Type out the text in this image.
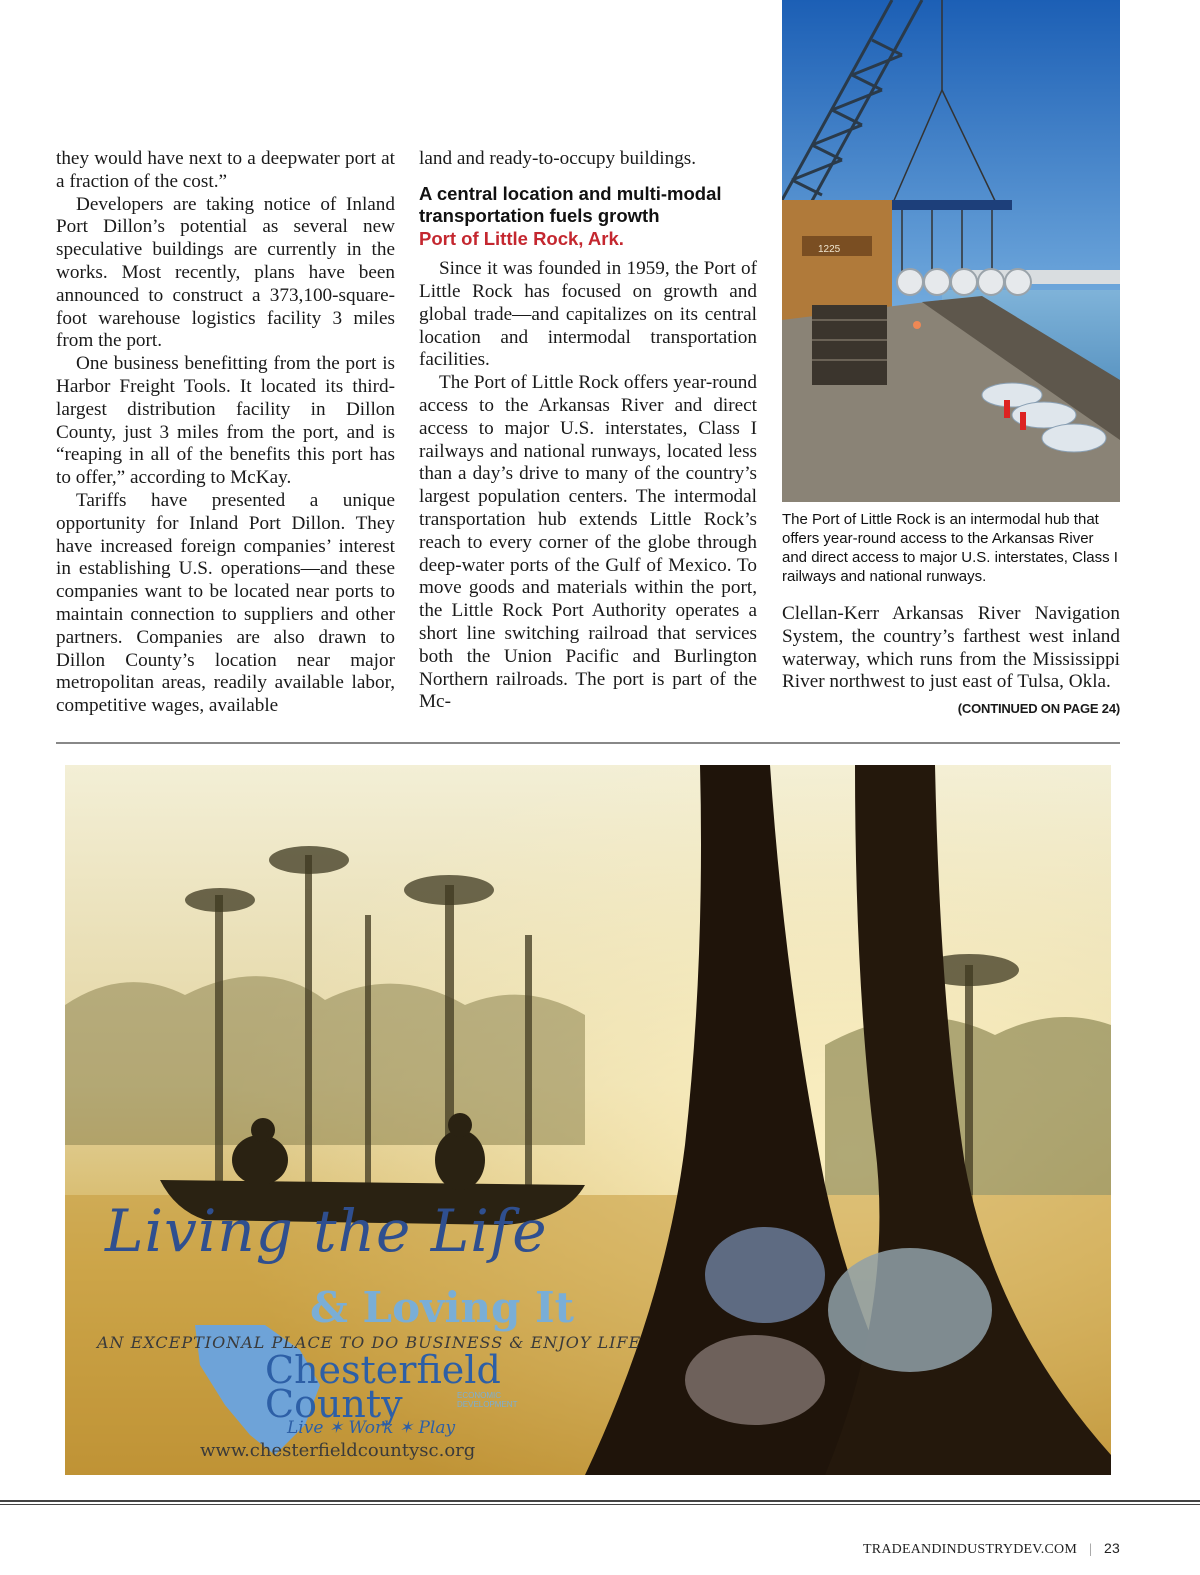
they would have next to a deepwater port at a fraction of the cost.”

Developers are taking notice of Inland Port Dillon’s potential as several new speculative buildings are currently in the works. Most recently, plans have been announced to construct a 373,100-square-foot warehouse logistics facility 3 miles from the port.

One business benefitting from the port is Harbor Freight Tools. It located its third-largest distribution facility in Dillon County, just 3 miles from the port, and is “reaping in all of the benefits this port has to offer,” according to McKay.

Tariffs have presented a unique opportunity for Inland Port Dillon. They have increased foreign companies’ interest in establishing U.S. operations—and these companies want to be located near ports to maintain connection to suppliers and other partners. Companies are also drawn to Dillon County’s location near major metropolitan areas, readily available labor, competitive wages, available

land and ready-to-occupy buildings.

A central location and multi-modal transportation fuels growth
Port of Little Rock, Ark.

Since it was founded in 1959, the Port of Little Rock has focused on growth and global trade—and capitalizes on its central location and intermodal transportation facilities.

The Port of Little Rock offers year-round access to the Arkansas River and direct access to major U.S. interstates, Class I railways and national runways, located less than a day’s drive to many of the country’s largest population centers. The intermodal transportation hub extends Little Rock’s reach to every corner of the globe through deep-water ports of the Gulf of Mexico. To move goods and materials within the port, the Little Rock Port Authority operates a short line switching railroad that services both the Union Pacific and Burlington Northern railroads. The port is part of the Mc-

1225
The Port of Little Rock is an intermodal hub that offers year-round access to the Arkansas River and direct access to major U.S. interstates, Class I railways and national runways.

Clellan-Kerr Arkansas River Navigation System, the country’s farthest west inland waterway, which runs from the Mississippi River northwest to just east of Tulsa, Okla.
(CONTINUED ON PAGE 24)

Living the Life
& Loving It
AN EXCEPTIONAL PLACE TO DO BUSINESS & ENJOY LIFE
Chesterfield County	ECONOMIC DEVELOPMENT
Live ✶ Work ✶ Play
www.chesterfieldcountysc.org
TRADEANDINDUSTRYDEV.COM | 23
